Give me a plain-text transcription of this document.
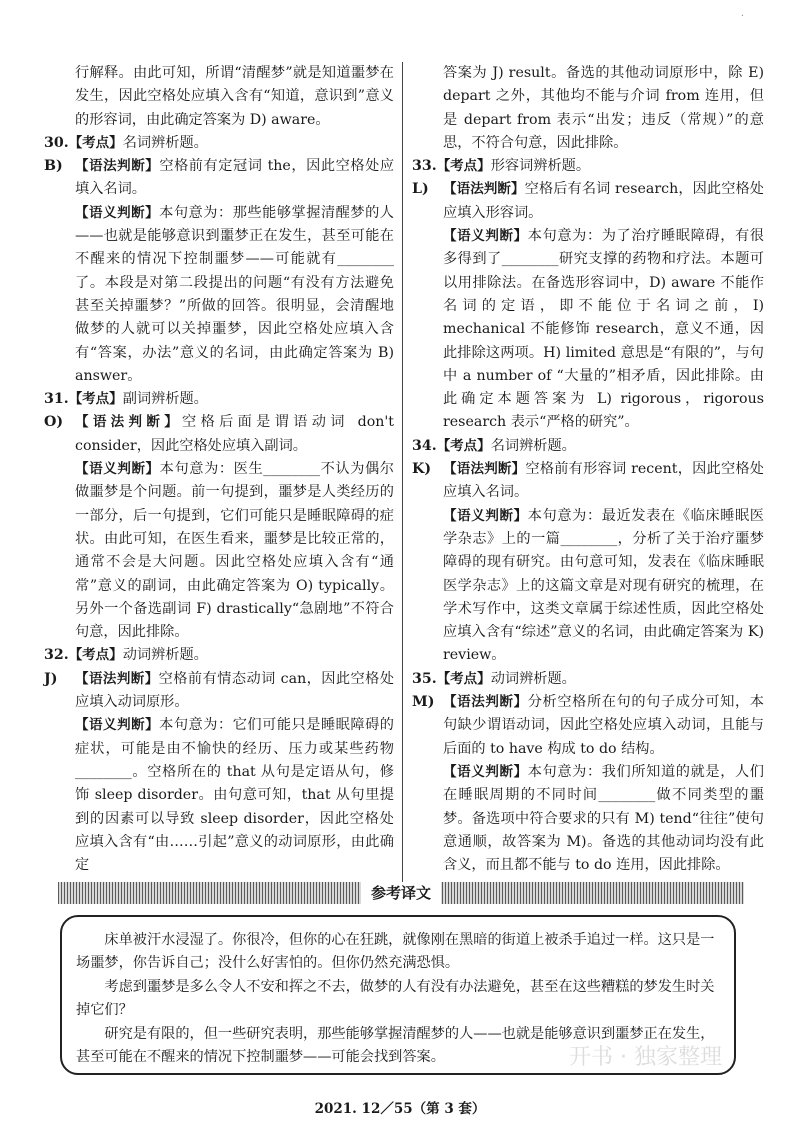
.
行解释。由此可知，所谓“清醒梦”就是知道噩梦在发生，因此空格处应填入含有“知道，意识到”意义的形容词，由此确定答案为 D) aware。
30.【考点】名词辨析题。
B) 【语法判断】空格前有定冠词 the，因此空格处应填入名词。
【语义判断】本句意为：那些能够掌握清醒梦的人——也就是能够意识到噩梦正在发生，甚至可能在不醒来的情况下控制噩梦——可能就有________了。本段是对第二段提出的问题“有没有方法避免甚至关掉噩梦？”所做的回答。很明显，会清醒地做梦的人就可以关掉噩梦，因此空格处应填入含有“答案，办法”意义的名词，由此确定答案为 B) answer。
31.【考点】副词辨析题。
O) 【语法判断】空格后面是谓语动词 don't consider，因此空格处应填入副词。
【语义判断】本句意为：医生________不认为偶尔做噩梦是个问题。前一句提到，噩梦是人类经历的一部分，后一句提到，它们可能只是睡眠障碍的症状。由此可知，在医生看来，噩梦是比较正常的，通常不会是大问题。因此空格处应填入含有“通常”意义的副词，由此确定答案为 O) typically。另外一个备选副词 F) drastically“急剧地”不符合句意，因此排除。
32.【考点】动词辨析题。
J)	【语法判断】空格前有情态动词 can，因此空格处应填入动词原形。
【语义判断】本句意为：它们可能只是睡眠障碍的症状，可能是由不愉快的经历、压力或某些药物________。空格所在的 that 从句是定语从句，修饰 sleep disorder。由句意可知，that 从句里提到的因素可以导致 sleep disorder，因此空格处应填入含有“由……引起”意义的动词原形，由此确定
答案为 J) result。备选的其他动词原形中，除 E) depart 之外，其他均不能与介词 from 连用，但是 depart from 表示“出发；违反（常规）”的意思，不符合句意，因此排除。
33.【考点】形容词辨析题。
L)	【语法判断】空格后有名词 research，因此空格处应填入形容词。
【语义判断】本句意为：为了治疗睡眠障碍，有很多得到了________研究支撑的药物和疗法。本题可以用排除法。在备选形容词中，D) aware 不能作名词的定语，即不能位于名词之前，I) mechanical 不能修饰 research，意义不通，因此排除这两项。H) limited 意思是“有限的”，与句中 a number of “大量的”相矛盾，因此排除。由此确定本题答案为 L) rigorous，rigorous research 表示“严格的研究”。
34.【考点】名词辨析题。
K) 【语法判断】空格前有形容词 recent，因此空格处应填入名词。
【语义判断】本句意为：最近发表在《临床睡眠医学杂志》上的一篇________，分析了关于治疗噩梦障碍的现有研究。由句意可知，发表在《临床睡眠医学杂志》上的这篇文章是对现有研究的梳理，在学术写作中，这类文章属于综述性质，因此空格处应填入含有“综述”意义的名词，由此确定答案为 K) review。
35.【考点】动词辨析题。
M) 【语法判断】分析空格所在句的句子成分可知，本句缺少谓语动词，因此空格处应填入动词，且能与后面的 to have 构成 to do 结构。
【语义判断】本句意为：我们所知道的就是，人们在睡眠周期的不同时间________做不同类型的噩梦。备选项中符合要求的只有 M) tend“往往”使句意通顺，故答案为 M)。备选的其他动词均没有此含义，而且都不能与 to do 连用，因此排除。
参考译文

床单被汗水浸湿了。你很冷，但你的心在狂跳，就像刚在黑暗的街道上被杀手追过一样。这只是一场噩梦，你告诉自己；没什么好害怕的。但你仍然充满恐惧。

考虑到噩梦是多么令人不安和挥之不去，做梦的人有没有办法避免，甚至在这些糟糕的梦发生时关掉它们？

研究是有限的，但一些研究表明，那些能够掌握清醒梦的人——也就是能够意识到噩梦正在发生，甚至可能在不醒来的情况下控制噩梦——可能会找到答案。	开书 · 独家整理
2021. 12／55（第 3 套）
